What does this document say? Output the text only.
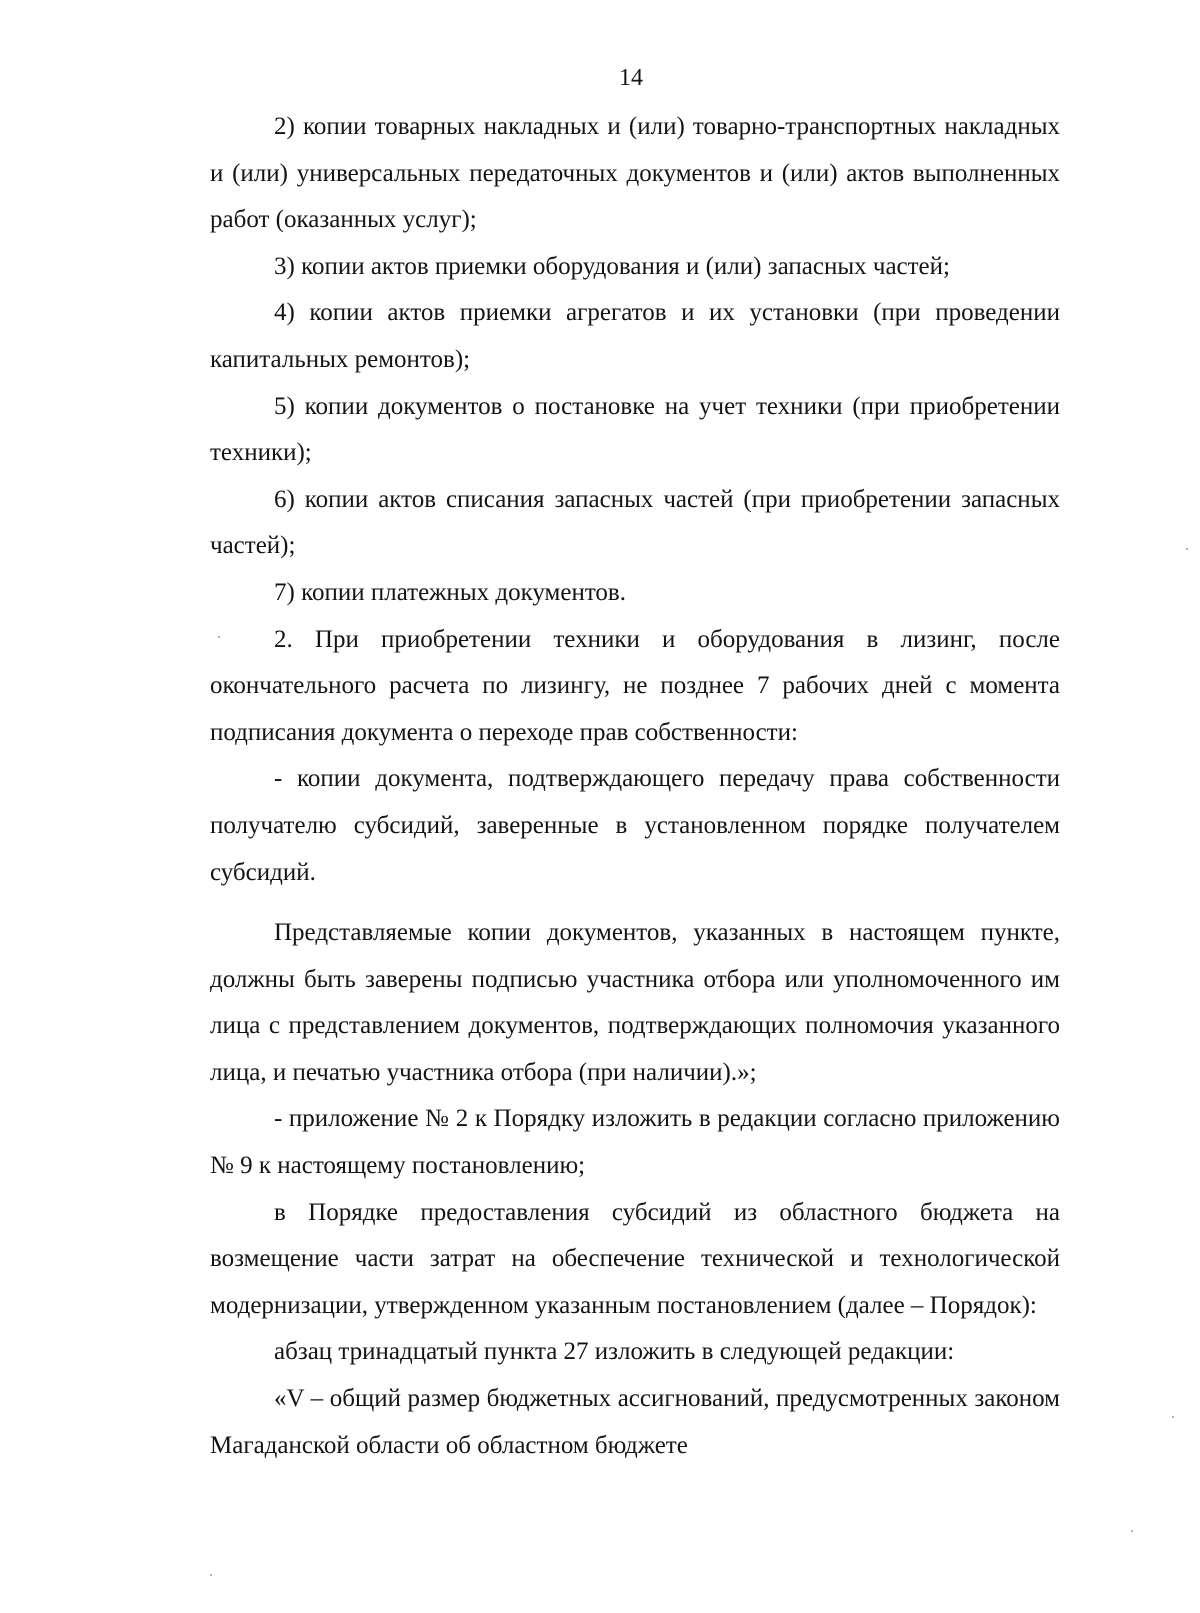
14

2) копии товарных накладных и (или) товарно-транспортных накладных и (или) универсальных передаточных документов и (или) актов выполненных работ (оказанных услуг);

3) копии актов приемки оборудования и (или) запасных частей;

4) копии актов приемки агрегатов и их установки (при проведении капитальных ремонтов);

5) копии документов о постановке на учет техники (при приобретении техники);

6) копии актов списания запасных частей (при приобретении запасных частей);

7) копии платежных документов.

2. При приобретении техники и оборудования в лизинг, после окончательного расчета по лизингу, не позднее 7 рабочих дней с момента подписания документа о переходе прав собственности:

- копии документа, подтверждающего передачу права собственности получателю субсидий, заверенные в установленном порядке получателем субсидий.

Представляемые копии документов, указанных в настоящем пункте, должны быть заверены подписью участника отбора или уполномоченного им лица с представлением документов, подтверждающих полномочия указанного лица, и печатью участника отбора (при наличии).»;

- приложение № 2 к Порядку изложить в редакции согласно приложению № 9 к настоящему постановлению;

в Порядке предоставления субсидий из областного бюджета на возмещение части затрат на обеспечение технической и технологической модернизации, утвержденном указанным постановлением (далее – Порядок):

абзац тринадцатый пункта 27 изложить в следующей редакции:

«V – общий размер бюджетных ассигнований, предусмотренных законом Магаданской области об областном бюджете
